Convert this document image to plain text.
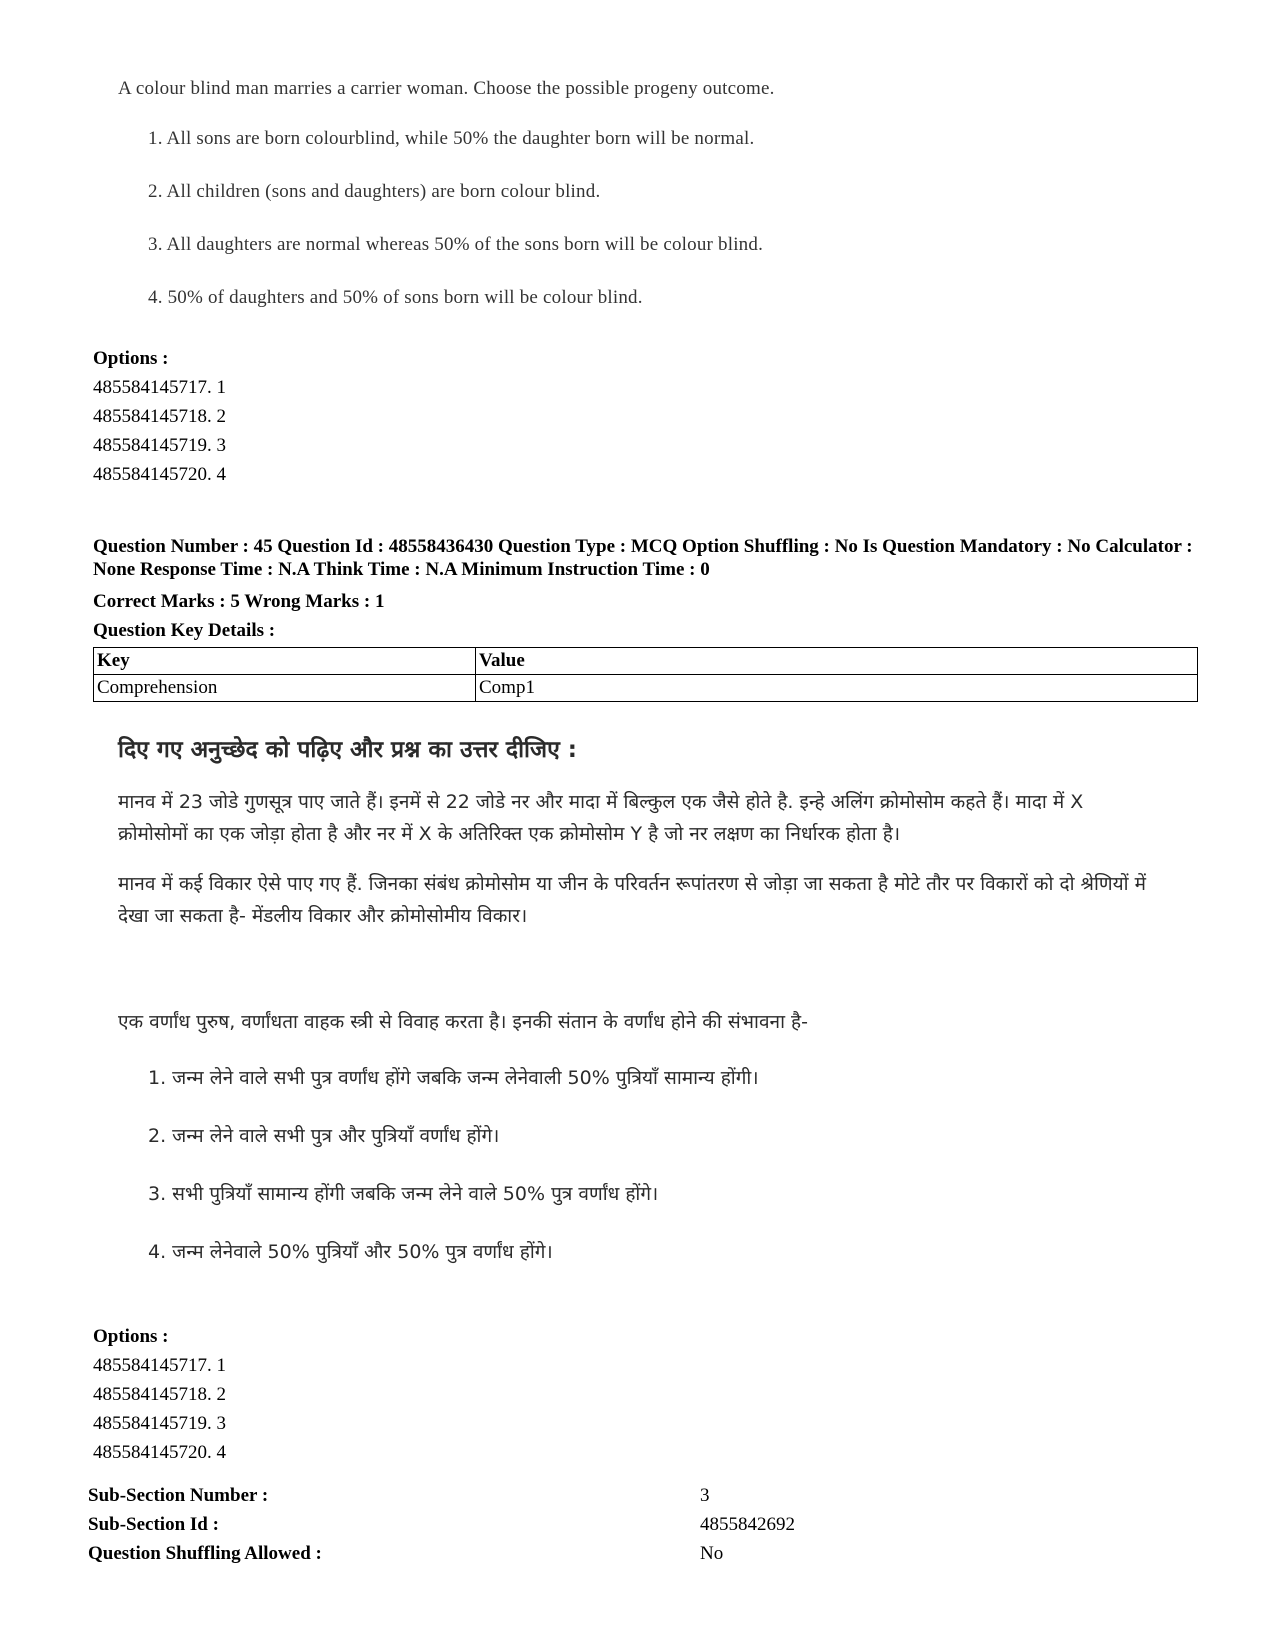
A colour blind man marries a carrier woman. Choose the possible progeny outcome.
1. All sons are born colourblind, while 50% the daughter born will be normal.
2. All children (sons and daughters) are born colour blind.
3. All daughters are normal whereas 50% of the sons born will be colour blind.
4. 50% of daughters and 50% of sons born will be colour blind.
Options :
485584145717. 1
485584145718. 2
485584145719. 3
485584145720. 4
Question Number : 45 Question Id : 48558436430 Question Type : MCQ Option Shuffling : No Is Question Mandatory : No Calculator : None Response Time : N.A Think Time : N.A Minimum Instruction Time : 0
Correct Marks : 5 Wrong Marks : 1
Question Key Details :
Key	Value
Comprehension	Comp1
दिए गए अनुच्छेद को पढ़िए और प्रश्न का उत्तर दीजिए :
मानव में 23 जोडे गुणसूत्र पाए जाते हैं। इनमें से 22 जोडे नर और मादा में बिल्कुल एक जैसे होते है. इन्हे अलिंग क्रोमोसोम कहते हैं। मादा में X क्रोमोसोमों का एक जोड़ा होता है और नर में X के अतिरिक्त एक क्रोमोसोम Y है जो नर लक्षण का निर्धारक होता है।
मानव में कई विकार ऐसे पाए गए हैं. जिनका संबंध क्रोमोसोम या जीन के परिवर्तन रूपांतरण से जोड़ा जा सकता है मोटे तौर पर विकारों को दो श्रेणियों में देखा जा सकता है- मेंडलीय विकार और क्रोमोसोमीय विकार।
एक वर्णांध पुरुष, वर्णांधता वाहक स्त्री से विवाह करता है। इनकी संतान के वर्णांध होने की संभावना है-
1. जन्म लेने वाले सभी पुत्र वर्णांध होंगे जबकि जन्म लेनेवाली 50% पुत्रियाँ सामान्य होंगी।
2. जन्म लेने वाले सभी पुत्र और पुत्रियाँ वर्णांध होंगे।
3. सभी पुत्रियाँ सामान्य होंगी जबकि जन्म लेने वाले 50% पुत्र वर्णांध होंगे।
4. जन्म लेनेवाले 50% पुत्रियाँ और 50% पुत्र वर्णांध होंगे।
Options :
485584145717. 1
485584145718. 2
485584145719. 3
485584145720. 4
Sub-Section Number :	3
Sub-Section Id :	4855842692
Question Shuffling Allowed :	No
